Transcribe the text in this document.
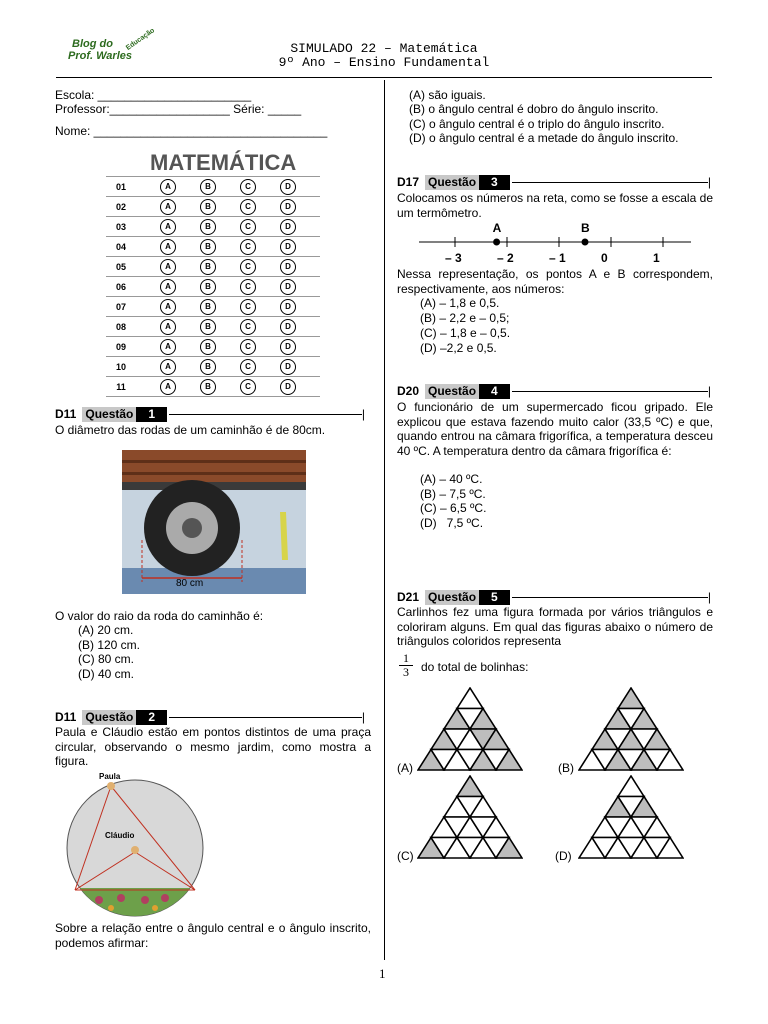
Blog do
Prof. Warles
Educação	SIMULADO 22 – Matemática
9º Ano – Ensino Fundamental
Escola: _______________________
Professor:__________________ Série: _____
Nome: ___________________________________
MATEMÁTICA
01	A	B	C	D
02	A	B	C	D
03	A	B	C	D
04	A	B	C	D
05	A	B	C	D
06	A	B	C	D
07	A	B	C	D
08	A	B	C	D
09	A	B	C	D
10	A	B	C	D
11	A	B	C	D
D11 Questão	1	|
O diâmetro das rodas de um caminhão é de 80cm.
80 cm
O valor do raio da roda do caminhão é:
(A) 20 cm.
(B) 120 cm.
(C) 80 cm.
(D) 40 cm.
D11 Questão	2	|
Paula e Cláudio estão em pontos distintos de uma praça circular, observando o mesmo jardim, como mostra a figura.
Paula
Cláudio
Sobre a relação entre o ângulo central e o ângulo inscrito, podemos afirmar:
(A) são iguais.
(B) o ângulo central é dobro do ângulo inscrito.
(C) o ângulo central é o triplo do ângulo inscrito.
(D) o ângulo central é a metade do ângulo inscrito.
D17 Questão	3	|
Colocamos os números na reta, como se fosse a escala de um termômetro.
– 3	– 2	– 1	0	1
A	B
Nessa representação, os pontos A e B correspondem, respectivamente, aos números:
(A) – 1,8 e 0,5.
(B) – 2,2 e – 0,5;
(C) – 1,8 e – 0,5.
(D) –2,2 e 0,5.
D20 Questão	4	|
O funcionário de um supermercado ficou gripado. Ele explicou que estava fazendo muito calor (33,5 ºC) e que, quando entrou na câmara frigorífica, a temperatura desceu 40 ºC. A temperatura dentro da câmara frigorífica é:
(A) – 40 ºC.
(B) – 7,5 ºC.
(C) – 6,5 ºC.
(D)   7,5 ºC.
D21 Questão	5	|
Carlinhos fez uma figura formada por vários triângulos e coloriram alguns. Em qual das figuras abaixo o número de triângulos coloridos representa
$\frac{1}{3}$ do total de bolinhas:
(A)	(B)
(C)	(D)
1
